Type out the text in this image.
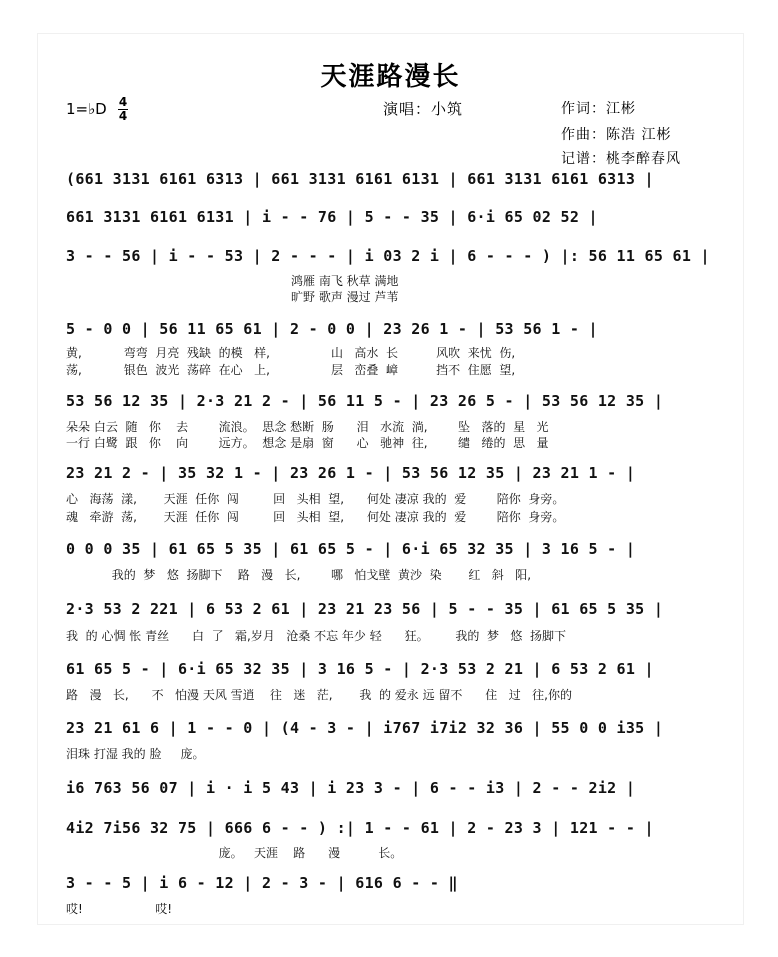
天涯路漫长
1=♭D 4
4	演唱：小筑	作词：江彬
作曲：陈浩 江彬
记谱：桃李醉春风
(661 3131 6161 6313 | 661 3131 6161 6131 | 661 3131 6161 6313 |
661 3131 6161 6131 | i - - 76 | 5 - - 35 | 6·i 65 02 52 |
3 - - 56 | i - - 53 | 2 - - - | i 03 2 i | 6 - - - ) |: 56 11 65 61 |
鸿雁 南飞 秋草 满地
旷野 歌声 漫过 芦苇
5 - 0 0 | 56 11 65 61 | 2 - 0 0 | 23 26 1 - | 53 56 1 - |
黄,           弯弯  月亮  残缺  的模   样,                山   高水  长          风吹  来忧  伤,
荡,           银色  波光  荡碎  在心   上,                层   峦叠  嶂          挡不  住愿  望,
53 56 12 35 | 2·3 21 2 - | 56 11 5 - | 23 26 5 - | 53 56 12 35 |
朵朵 白云  随   你    去        流浪。  思念 愁断  肠      泪   水流  淌,        坠   落的  星   光
一行 白鹭  跟   你    向        远方。  想念 是扇  窗      心   驰神  往,        缱   绻的  思   量
23 21 2 - | 35 32 1 - | 23 26 1 - | 53 56 12 35 | 23 21 1 - |
心   海荡  漾,       天涯  任你  闯         回   头相  望,      何处 凄凉 我的  爱        陪你  身旁。
魂   牵游  荡,       天涯  任你  闯         回   头相  望,      何处 凄凉 我的  爱        陪你  身旁。
0 0 0 35 | 61 65 5 35 | 61 65 5 - | 6·i 65 32 35 | 3 16 5 - |
我的  梦   悠  扬脚下    路   漫   长,        哪   怕戈壁  黄沙  染       红   斜   阳,
2·3 53 2 221 | 6 53 2 61 | 23 21 23 56 | 5 - - 35 | 61 65 5 35 |
我  的 心惆 怅 青丝      白  了   霜,岁月   沧桑 不忘 年少 轻      狂。       我的  梦   悠  扬脚下
61 65 5 - | 6·i 65 32 35 | 3 16 5 - | 2·3 53 2 21 | 6 53 2 61 |
路   漫   长,      不   怕漫 天风 雪逍    往   迷   茫,       我  的 爱永 远 留不      住   过   往,你的
23 21 61 6 | 1 - - 0 | (4 - 3 - | i767 i7i2 32 36 | 55 0 0 i35 |
泪珠 打湿 我的 脸     庞。
i6 763 56 07 | i · i 5 43 | i 23 3 - | 6 - - i3 | 2 - - 2i2 |
4i2 7i56 32 75 | 666 6 - - ) :| 1 - - 61 | 2 - 23 3 | 121 - - |
庞。   天涯    路      漫          长。
3 - - 5 | i 6 - 12 | 2 - 3 - | 616 6 - - ‖
哎!                   哎!
